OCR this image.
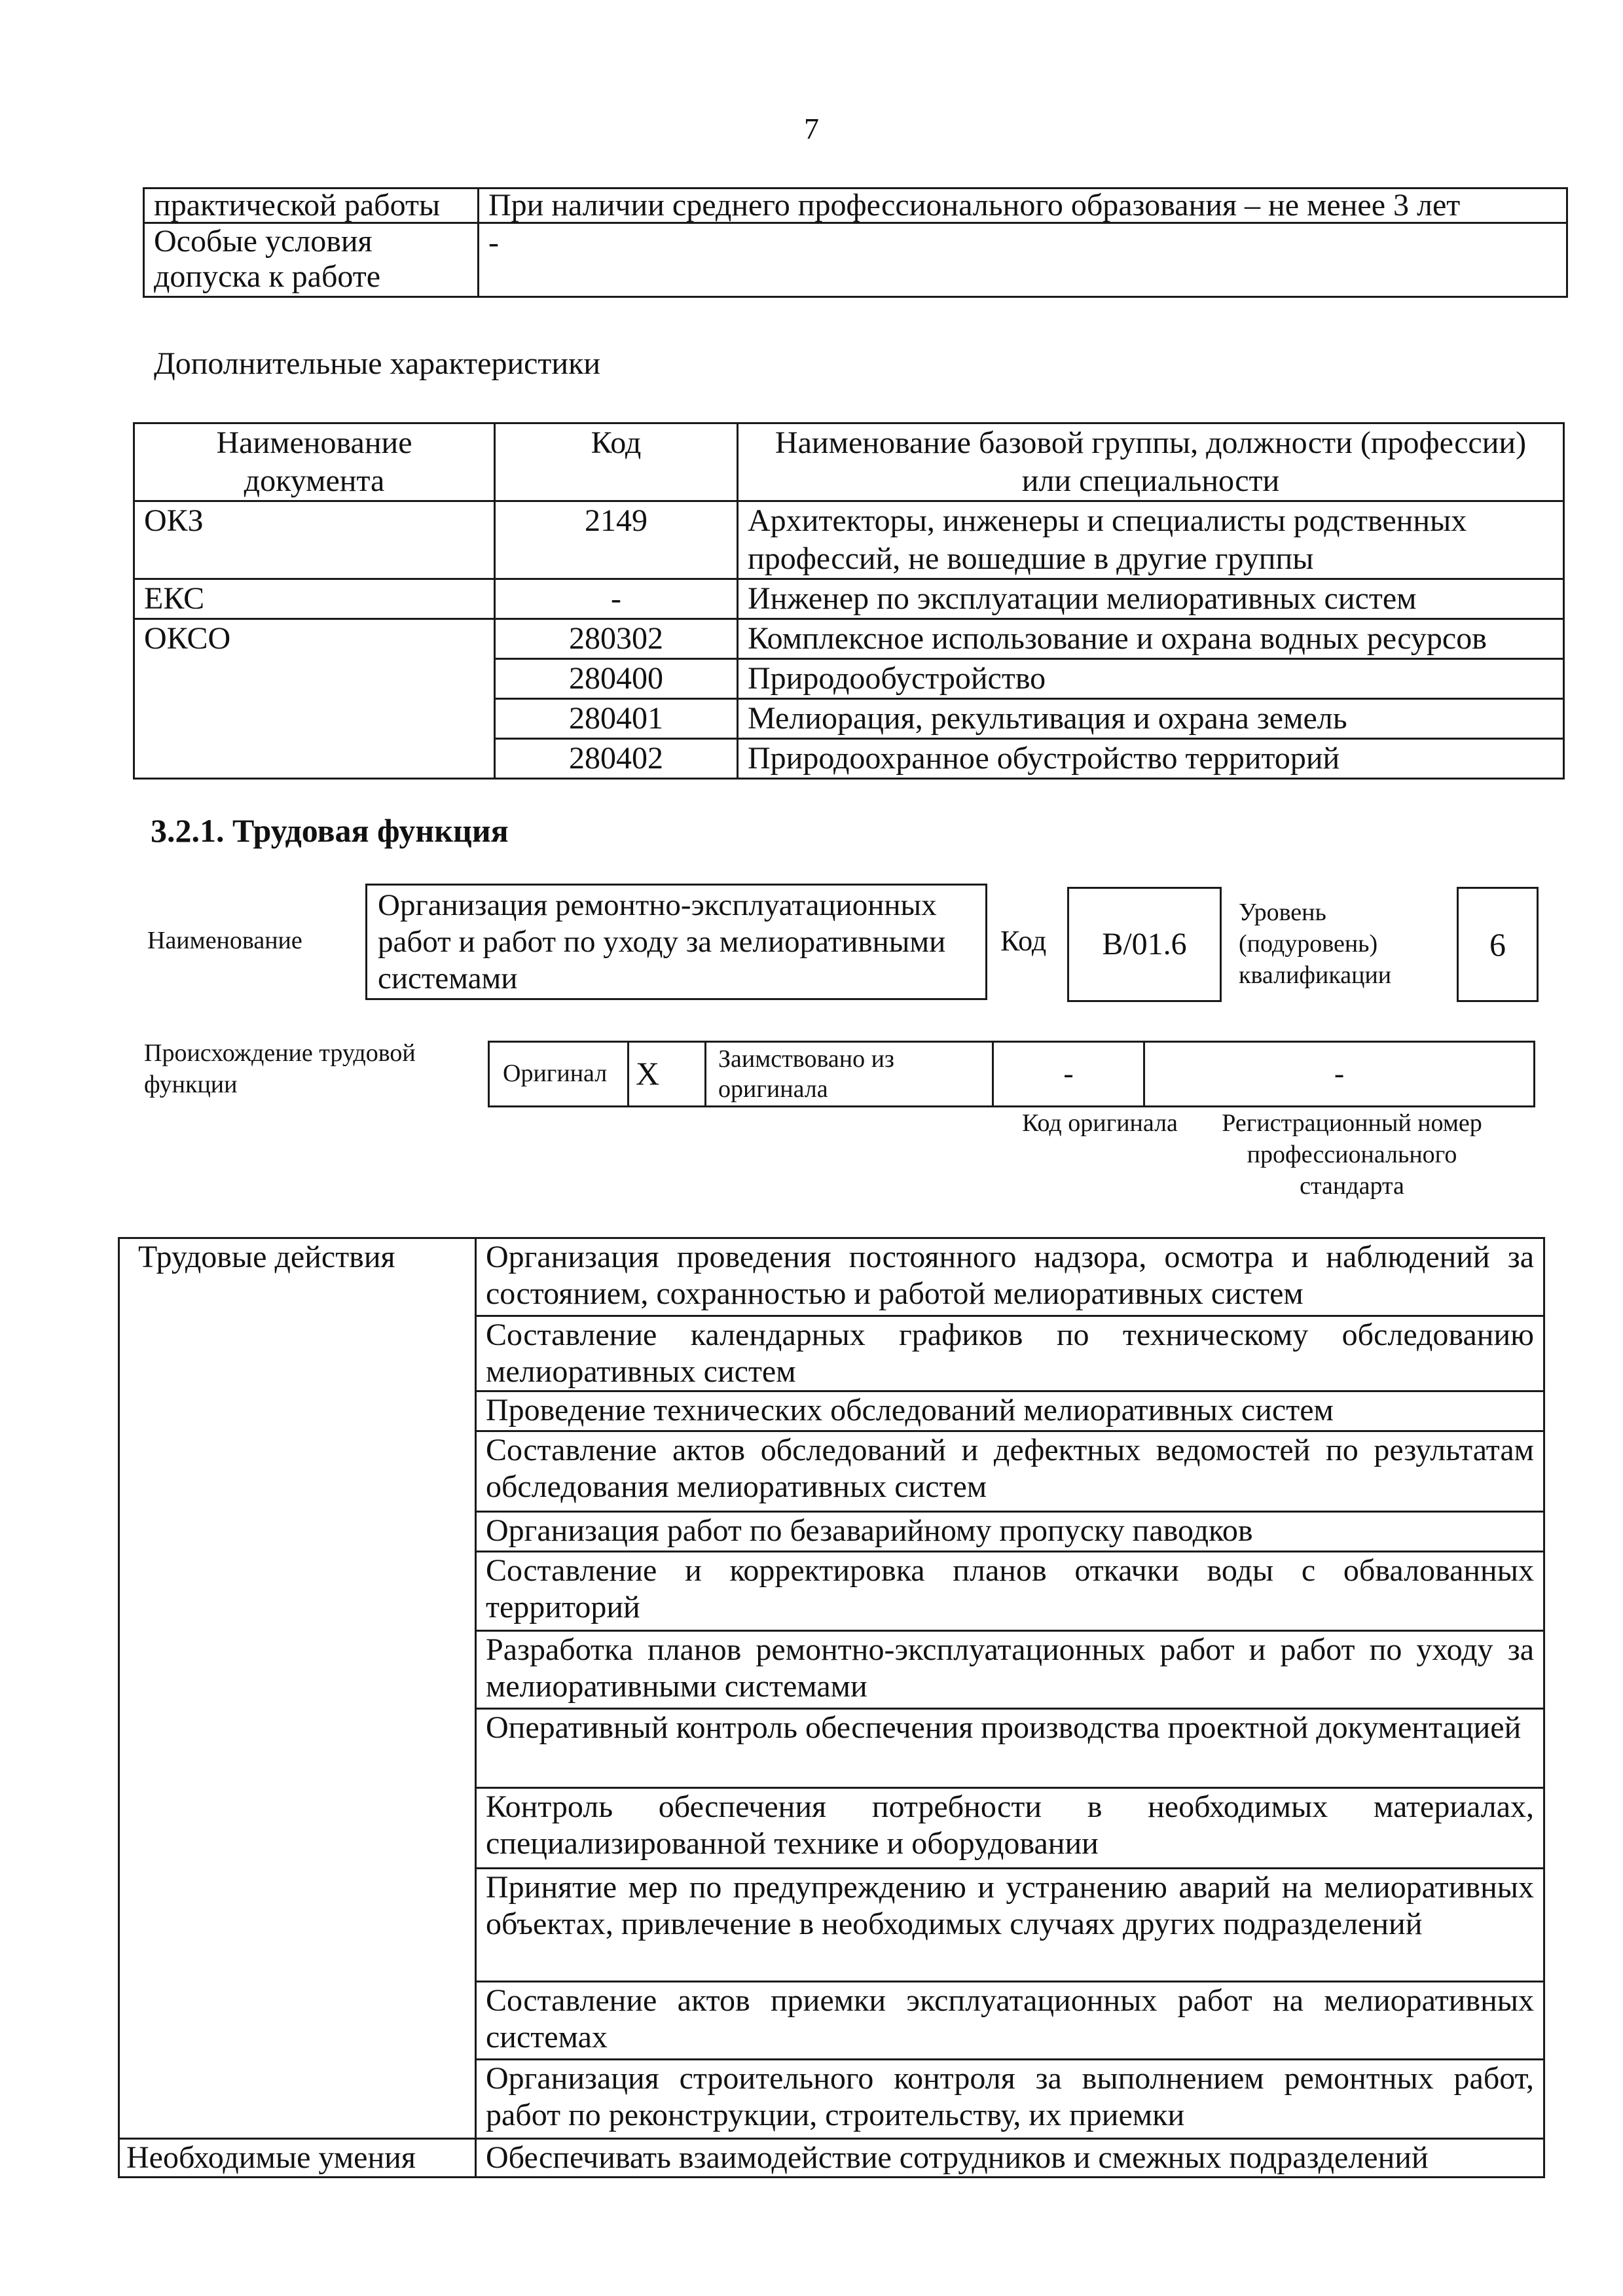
7
практической работы	При наличии среднего профессионального образования – не менее 3 лет
Особые условия допуска к работе	-
Дополнительные характеристики
Наименование документа	Код	Наименование базовой группы, должности (профессии) или специальности
ОКЗ	2149	Архитекторы, инженеры и специалисты родственных профессий, не вошедшие в другие группы
ЕКС	-	Инженер по эксплуатации мелиоративных систем
ОКСО	280302	Комплексное использование и охрана водных ресурсов
	280400	Природообустройство
	280401	Мелиорация, рекультивация и охрана земель
	280402	Природоохранное обустройство территорий
3.2.1. Трудовая функция
Наименование
Организация ремонтно-эксплуатационных работ и работ по уходу за мелиоративными системами
Код	B/01.6
Уровень (подуровень) квалификации
6
Происхождение трудовой функции	Оригинал	X	Заимствовано из оригинала	-	-
Код оригинала	Регистрационный номер профессионального стандарта
Трудовые действия	Организация проведения постоянного надзора, осмотра и наблюдений за состоянием, сохранностью и работой мелиоративных систем
	Составление календарных графиков по техническому обследованию мелиоративных систем
	Проведение технических обследований мелиоративных систем
	Составление актов обследований и дефектных ведомостей по результатам обследования мелиоративных систем
	Организация работ по безаварийному пропуску паводков
	Составление и корректировка планов откачки воды с обвалованных территорий
	Разработка планов ремонтно-эксплуатационных работ и работ по уходу за мелиоративными системами
	Оперативный контроль обеспечения производства проектной документацией
	Контроль обеспечения потребности в необходимых материалах, специализированной технике и оборудовании
	Принятие мер по предупреждению и устранению аварий на мелиоративных объектах, привлечение в необходимых случаях других подразделений
	Составление актов приемки эксплуатационных работ на мелиоративных системах
	Организация строительного контроля за выполнением ремонтных работ, работ по реконструкции, строительству, их приемки
Необходимые умения	Обеспечивать взаимодействие сотрудников и смежных подразделений
